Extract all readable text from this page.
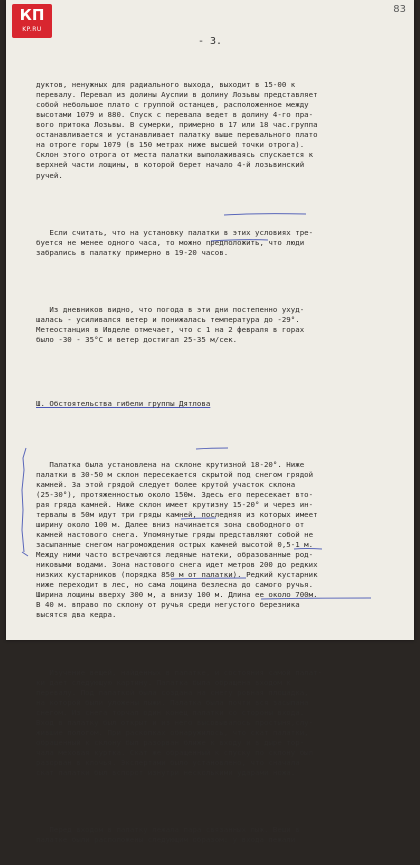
КП
KP.RU
83
- 3.

дуктов, ненужных для радиального выхода, выходит в 15-00 к
перевалу. Перевал из долины Ауспии в долину Лозьвы представляет
собой небольшое плато с группой останцев, расположенное между
высотами 1079 и 880. Спуск с перевала ведет в долину 4-го пра-
вого притока Лозьвы. В сумерки, примерно в 17 или 18 час.группа
останавливается и устанавливает палатку выше перевального плато
на отроге горы 1079 (в 150 метрах ниже высшей точки отрога).
Склон этого отрога от места палатки выполаживаясь спускается к
верхней части лощины, в которой берет начало 4-й лозьвинский
ручей.

Если считать, что на установку палатки в этих условиях тре-
буется не менее одного часа, то можно предположить, что люди
забрались в палатку примерно в 19-20 часов.

Из дневников видно, что погода в эти дни постепенно ухуд-
шалась - усиливался ветер и понижалась температура до -29°.
Метеостанция в Ивделе отмечает, что с 1 на 2 февраля в горах
было -30 - 35°С и ветер достигал 25-35 м/сек.

Ш. Обстоятельства гибели группы Дятлова

Палатка была установлена на склоне крутизной 18-20°. Ниже
палатки в 30-50 м склон пересекается скрытой под снегом грядой
камней. За этой грядой следует более крутой участок склона
(25-30°), протяженностью около 150м. Здесь его пересекает вто-
рая гряда камней. Ниже склон имеет крутизну 15-20° и через ин-
тервалы в 50м идут три гряды камней, последняя из которых имеет
ширину около 100 м. Далее вниз начинается зона свободного от
камней настового снега. Упомянутые гряды представляют собой не
засыпанные снегом нагромождения острых камней высотой 0,5-1 м.
Между ними часто встречаются ледяные натеки, образованные род-
никовыми водами. Зона настового снега идет метров 200 до редких
низких кустарников (порядка 850 м от палатки). Редкий кустарник
ниже переходит в лес, но сама лощина безлесна до самого ручья.
Ширина лощины вверху 300 м, а внизу 100 м. Длина ее около 700м.
В 40 м. вправо по склону от ручья среди негустого березника
высятся два кедра.

Изучение вещей, найденных в палатке, и состояния самой палат-
ки дает следующую картину. Палатка была обращена входом к
перевалу. Под палаткой была создана на снегу ровная площадка,
на которой были уложены лыжи. Палатка была почти вся засыпана
снегом. Из снега торчал один конец палатки со стороны входа.
Вход в палатку был открыт и из него высовывалось простыня,слу-
жившие пологом. При раскопках обнаружилось, что скат палатки,
обращенный к склону был разорван ближе к входу и в дыре тор-
чала меховая куртка. Скат же обращенный к спуску по склону был
разорван в клочья. Экспертами было установлено, что сначала
скат палатки был вспорот изнутри несколькими ударами ножа.

Перед входом в палатку лежала пара связанных лыж. Вещи в
палатке были расположены следующим образом: у входа лежали
